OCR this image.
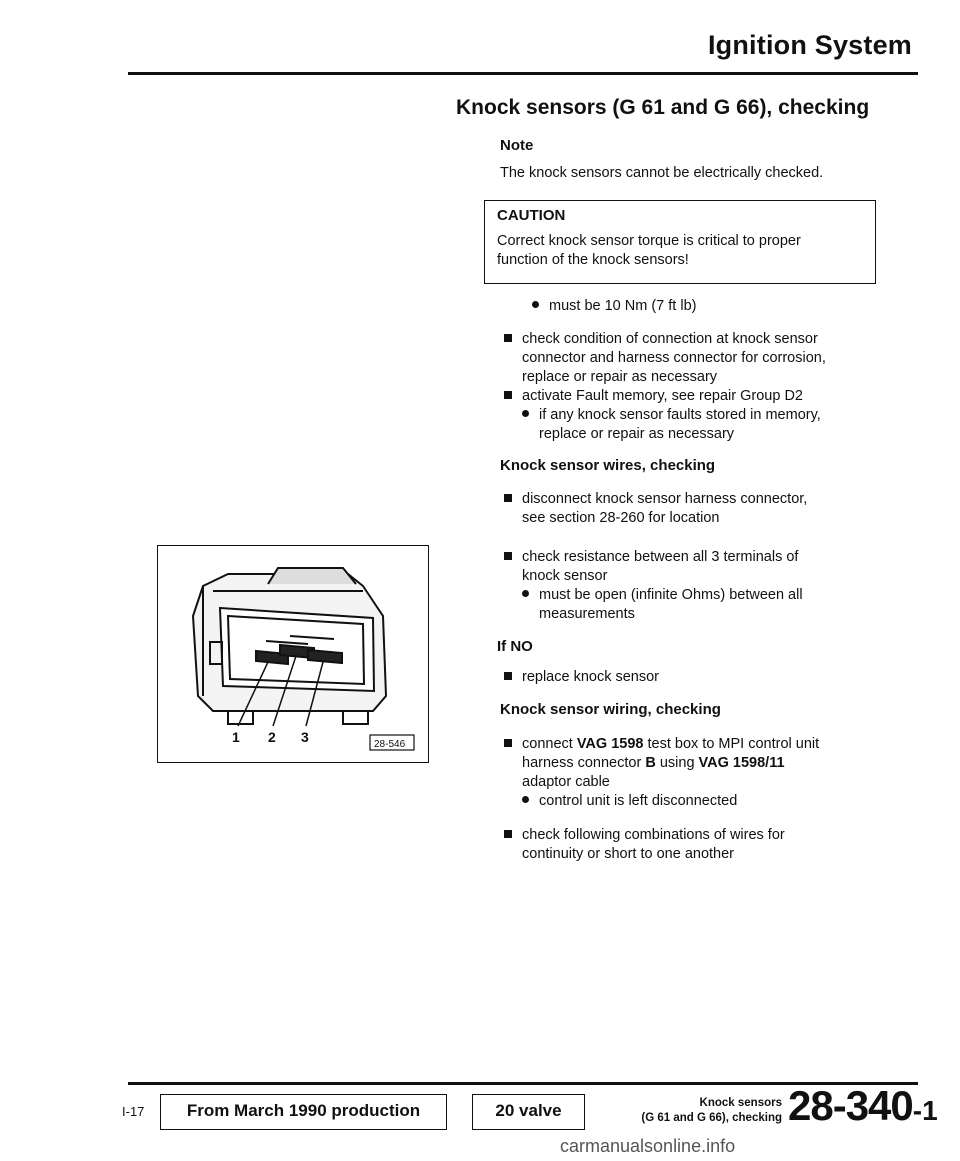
Ignition System
Knock sensors (G 61 and G 66), checking
Note
The knock sensors cannot be electrically checked.
CAUTION
Correct knock sensor torque is critical to proper
function of the knock sensors!
must be 10 Nm (7 ft lb)
check condition of connection at knock sensor
connector and harness connector for corrosion,
replace or repair as necessary
activate Fault memory, see repair Group D2
if any knock sensor faults stored in memory,
replace or repair as necessary
Knock sensor wires, checking
disconnect knock sensor harness connector,
see section 28-260 for location
check resistance between all 3 terminals of
knock sensor
must be open (infinite Ohms) between all
measurements
If NO
replace knock sensor
Knock sensor wiring, checking
connect VAG 1598 test box to MPI control unit
harness connector B using VAG 1598/11
adaptor cable
control unit is left disconnected
check following combinations of wires for
continuity or short to one another
1 2 3	28-546
I-17	From March 1990 production	20 valve	Knock sensors
(G 61 and G 66), checking 28-340-1
carmanualsonline.info
